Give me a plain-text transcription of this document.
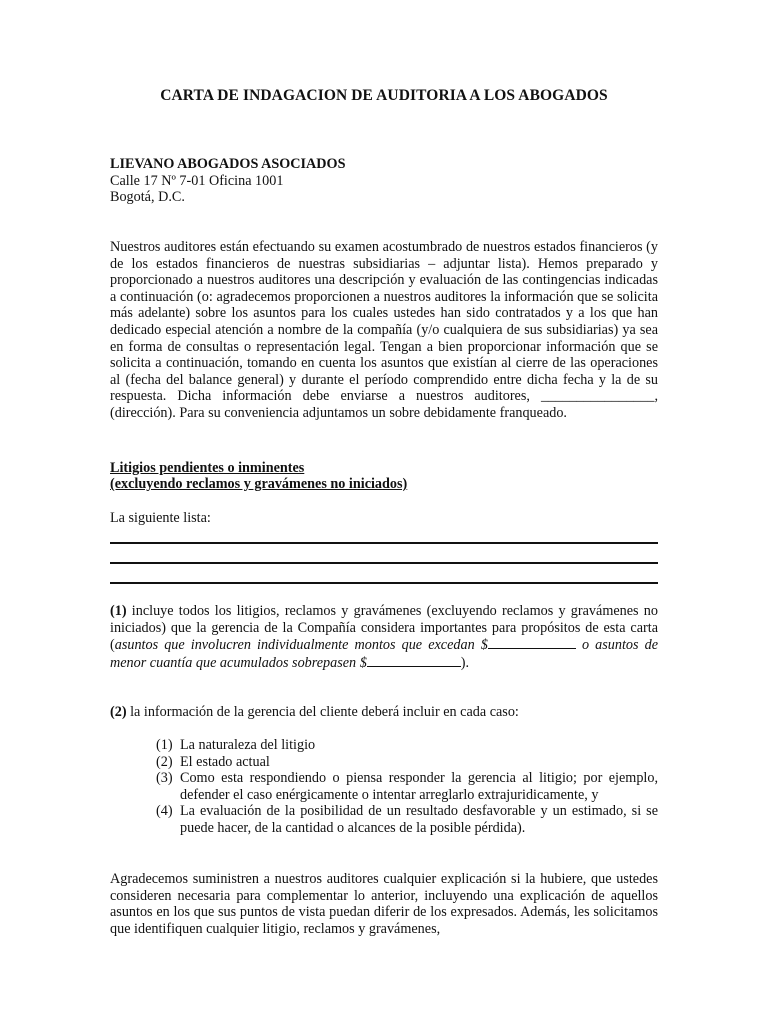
CARTA DE INDAGACION DE AUDITORIA A LOS ABOGADOS
LIEVANO ABOGADOS ASOCIADOS
Calle 17 Nº 7-01 Oficina 1001
Bogotá, D.C.
Nuestros auditores están efectuando su examen acostumbrado de nuestros estados financieros (y de los estados financieros de nuestras subsidiarias – adjuntar lista). Hemos preparado y proporcionado a nuestros auditores una descripción y evaluación de las contingencias indicadas a continuación (o: agradecemos proporcionen a nuestros auditores la información que se solicita más adelante) sobre los asuntos para los cuales ustedes han sido contratados y a los que han dedicado especial atención a nombre de la compañía (y/o cualquiera de sus subsidiarias) ya sea en forma de consultas o representación legal. Tengan a bien proporcionar información que se solicita a continuación, tomando en cuenta los asuntos que existían al cierre de las operaciones al (fecha del balance general) y durante el período comprendido entre dicha fecha y la de su respuesta. Dicha información debe enviarse a nuestros auditores, ________________, (dirección). Para su conveniencia adjuntamos un sobre debidamente franqueado.
Litigios pendientes o inminentes
(excluyendo reclamos y gravámenes no iniciados)
La siguiente lista:
(1) incluye todos los litigios, reclamos y gravámenes (excluyendo reclamos y gravámenes no iniciados) que la gerencia de la Compañía considera importantes para propósitos de esta carta (asuntos que involucren individualmente montos que excedan $	o asuntos de menor cuantía que acumulados sobrepasen $	).
(2) la información de la gerencia del cliente deberá incluir en cada caso:
(1) La naturaleza del litigio
(2) El estado actual
(3) Como esta respondiendo o piensa responder la gerencia al litigio; por ejemplo, defender el caso enérgicamente o intentar arreglarlo extrajuridicamente, y
(4) La evaluación de la posibilidad de un resultado desfavorable y un estimado, si se puede hacer, de la cantidad o alcances de la posible pérdida).
Agradecemos suministren a nuestros auditores cualquier explicación si la hubiere, que ustedes consideren necesaria para complementar lo anterior, incluyendo una explicación de aquellos asuntos en los que sus puntos de vista puedan diferir de los expresados. Además, les solicitamos que identifiquen cualquier litigio, reclamos y gravámenes,
